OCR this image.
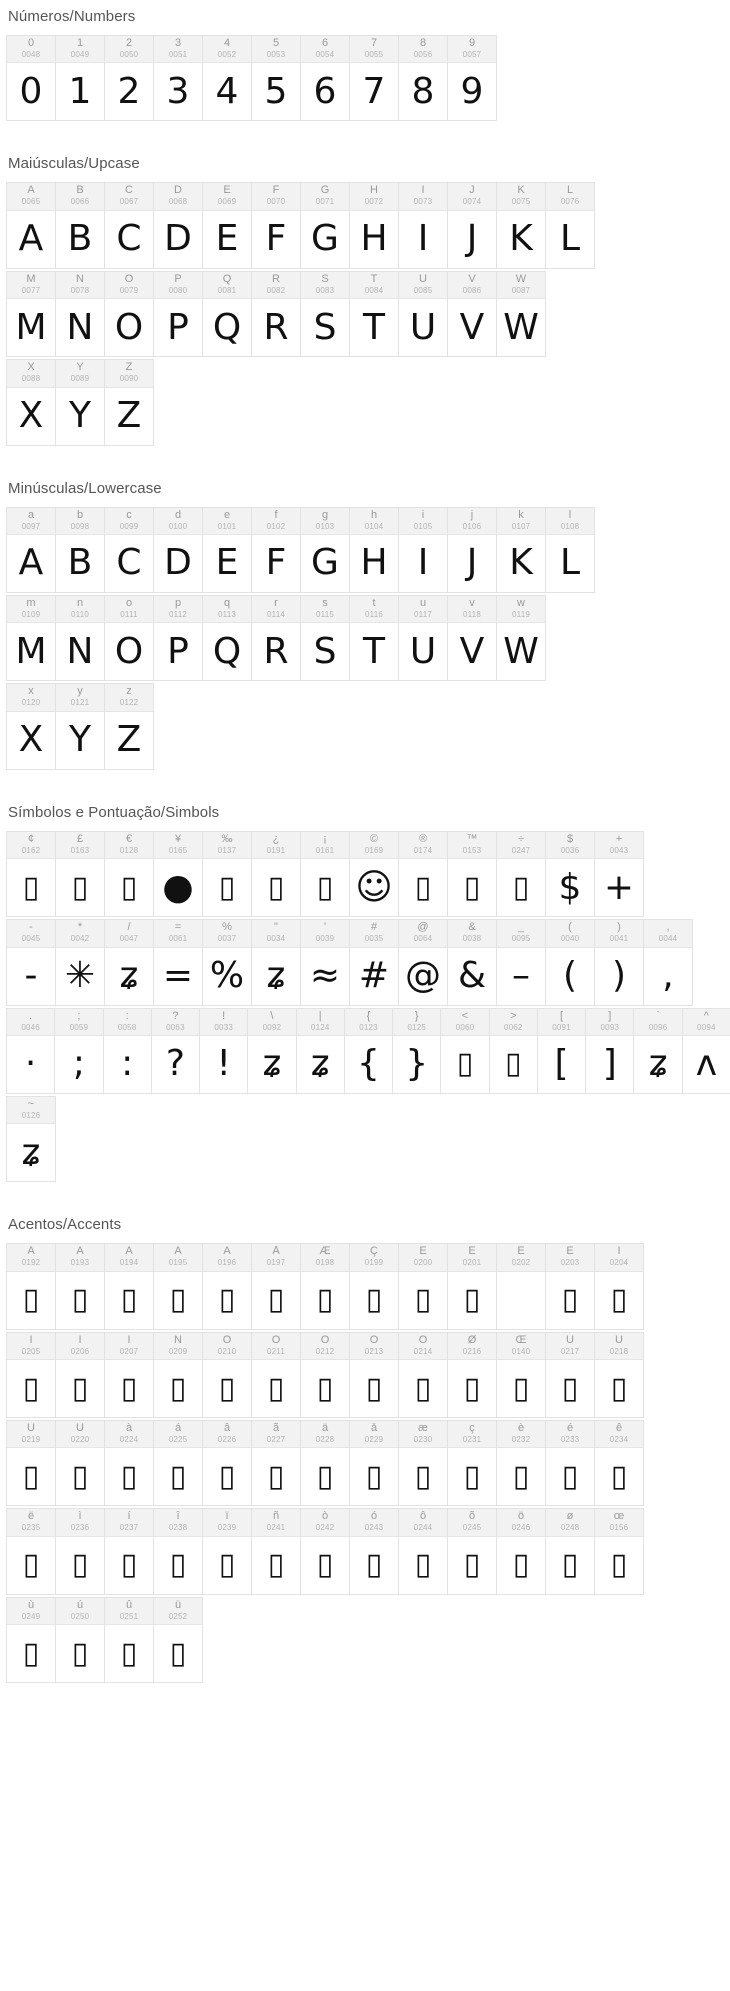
Números/Numbers
0
0048
0
1
0049
1
2
0050
2
3
0051
3
4
0052
4
5
0053
5
6
0054
6
7
0055
7
8
0056
8
9
0057
9
Maiúsculas/Upcase
A
0065
A
B
0066
B
C
0067
C
D
0068
D
E
0069
E
F
0070
F
G
0071
G
H
0072
H
I
0073
I
J
0074
J
K
0075
K
L
0076
L
M
0077
M
N
0078
N
O
0079
O
P
0080
P
Q
0081
Q
R
0082
R
S
0083
S
T
0084
T
U
0085
U
V
0086
V
W
0087
W
X
0088
X
Y
0089
Y
Z
0090
Z
Minúsculas/Lowercase
a
0097
A
b
0098
B
c
0099
C
d
0100
D
e
0101
E
f
0102
F
g
0103
G
h
0104
H
i
0105
I
j
0106
J
k
0107
K
l
0108
L
m
0109
M
n
0110
N
o
0111
O
p
0112
P
q
0113
Q
r
0114
R
s
0115
S
t
0116
T
u
0117
U
v
0118
V
w
0119
W
x
0120
X
y
0121
Y
z
0122
Z
Símbolos e Pontuação/Simbols
¢
0162
▯
£
0163
▯
€
0128
▯
¥
0165
●
‰
0137
▯
¿
0191
▯
¡
0161
▯
©
0169
☺
®
0174
▯
™
0153
▯
÷
0247
▯
$
0036
$
+
0043
+
-
0045
-
*
0042
✳
/
0047
ʑ
=
0061
=
%
0037
%
"
0034
ʑ
'
0039
≈
#
0035
#
@
0064
@
&
0038
&
_
0095
–
(
0040
(
)
0041
)
,
0044
,
.
0046
·
;
0059
;
:
0058
:
?
0063
?
!
0033
!
\
0092
ʑ
|
0124
ʑ
{
0123
{
}
0125
}
<
0060
▯
>
0062
▯
[
0091
[
]
0093
]
`
0096
ʑ
^
0094
ʌ
~
0126
ʑ
Acentos/Accents
À
0192
▯
Á
0193
▯
Â
0194
▯
Ã
0195
▯
Ä
0196
▯
Å
0197
▯
Æ
0198
▯
Ç
0199
▯
È
0200
▯
É
0201
▯
Ê
0202
Ë
0203
▯
Ì
0204
▯
Í
0205
▯
Î
0206
▯
Ï
0207
▯
Ñ
0209
▯
Ò
0210
▯
Ó
0211
▯
Ô
0212
▯
Õ
0213
▯
Ö
0214
▯
Ø
0216
▯
Œ
0140
▯
Ù
0217
▯
Ú
0218
▯
Û
0219
▯
Ü
0220
▯
à
0224
▯
á
0225
▯
â
0226
▯
ã
0227
▯
ä
0228
▯
å
0229
▯
æ
0230
▯
ç
0231
▯
è
0232
▯
é
0233
▯
ê
0234
▯
ë
0235
▯
ì
0236
▯
í
0237
▯
î
0238
▯
ï
0239
▯
ñ
0241
▯
ò
0242
▯
ó
0243
▯
ô
0244
▯
õ
0245
▯
ö
0246
▯
ø
0248
▯
œ
0156
▯
ù
0249
▯
ú
0250
▯
û
0251
▯
ü
0252
▯
